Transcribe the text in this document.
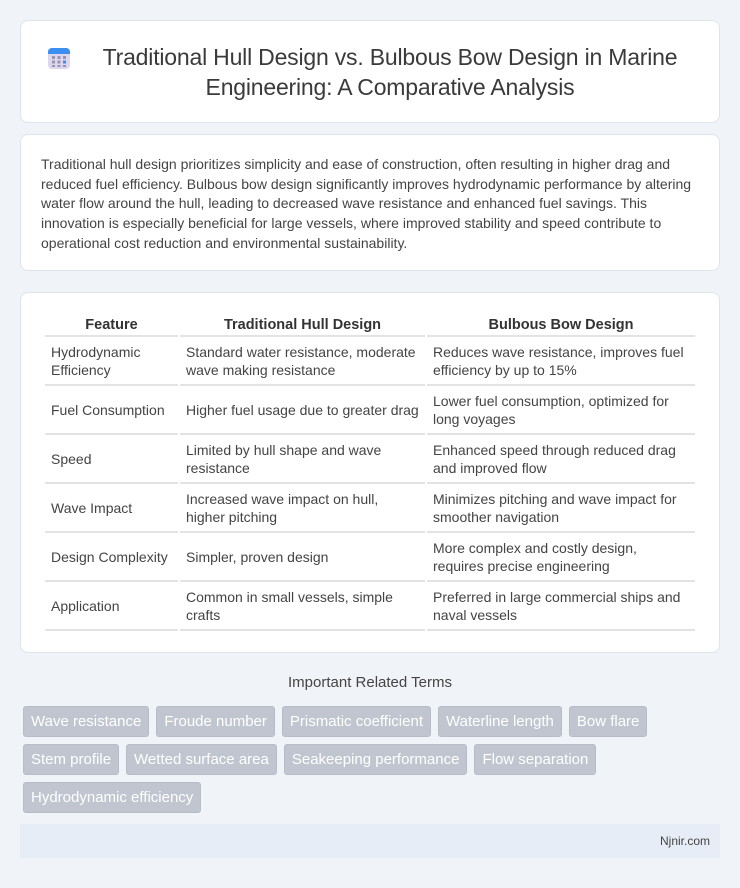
Traditional Hull Design vs. Bulbous Bow Design in Marine Engineering: A Comparative Analysis

Traditional hull design prioritizes simplicity and ease of construction, often resulting in higher drag and reduced fuel efficiency. Bulbous bow design significantly improves hydrodynamic performance by altering water flow around the hull, leading to decreased wave resistance and enhanced fuel savings. This innovation is especially beneficial for large vessels, where improved stability and speed contribute to operational cost reduction and environmental sustainability.

Feature	Traditional Hull Design	Bulbous Bow Design
Hydrodynamic Efficiency	Standard water resistance, moderate wave making resistance	Reduces wave resistance, improves fuel efficiency by up to 15%
Fuel Consumption	Higher fuel usage due to greater drag	Lower fuel consumption, optimized for long voyages
Speed	Limited by hull shape and wave resistance	Enhanced speed through reduced drag and improved flow
Wave Impact	Increased wave impact on hull, higher pitching	Minimizes pitching and wave impact for smoother navigation
Design Complexity	Simpler, proven design	More complex and costly design, requires precise engineering
Application	Common in small vessels, simple crafts	Preferred in large commercial ships and naval vessels
Important Related Terms
Wave resistance	Froude number	Prismatic coefficient	Waterline length	Bow flare
Stem profile	Wetted surface area	Seakeeping performance	Flow separation
Hydrodynamic efficiency
Njnir.com
